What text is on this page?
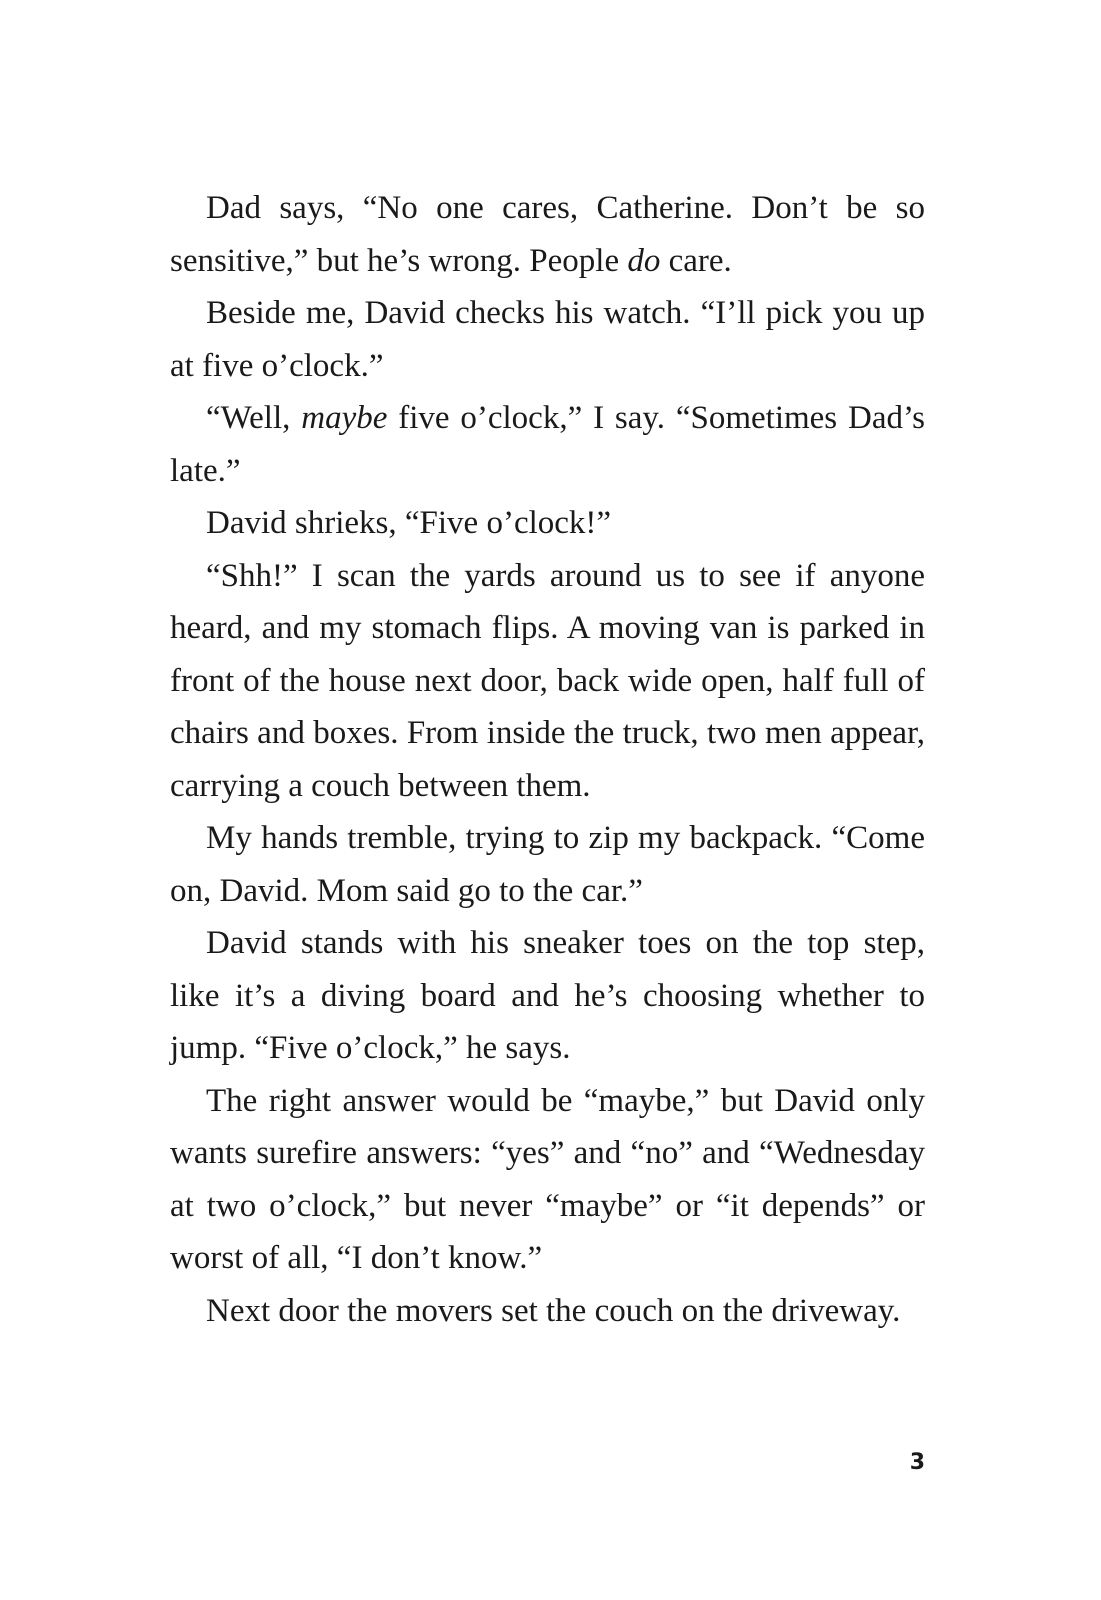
Dad says, “No one cares, Catherine. Don’t be so sensitive,” but he’s wrong. People do care.

Beside me, David checks his watch. “I’ll pick you up at five o’clock.”

“Well, maybe five o’clock,” I say. “Sometimes Dad’s late.”

David shrieks, “Five o’clock!”

“Shh!” I scan the yards around us to see if anyone heard, and my stomach flips. A moving van is parked in front of the house next door, back wide open, half full of chairs and boxes. From inside the truck, two men appear, carrying a couch between them.

My hands tremble, trying to zip my backpack. “Come on, David. Mom said go to the car.”

David stands with his sneaker toes on the top step, like it’s a diving board and he’s choosing whether to jump. “Five o’clock,” he says.

The right answer would be “maybe,” but David only wants surefire answers: “yes” and “no” and “Wednesday at two o’clock,” but never “maybe” or “it depends” or worst of all, “I don’t know.”

Next door the movers set the couch on the driveway.

3
